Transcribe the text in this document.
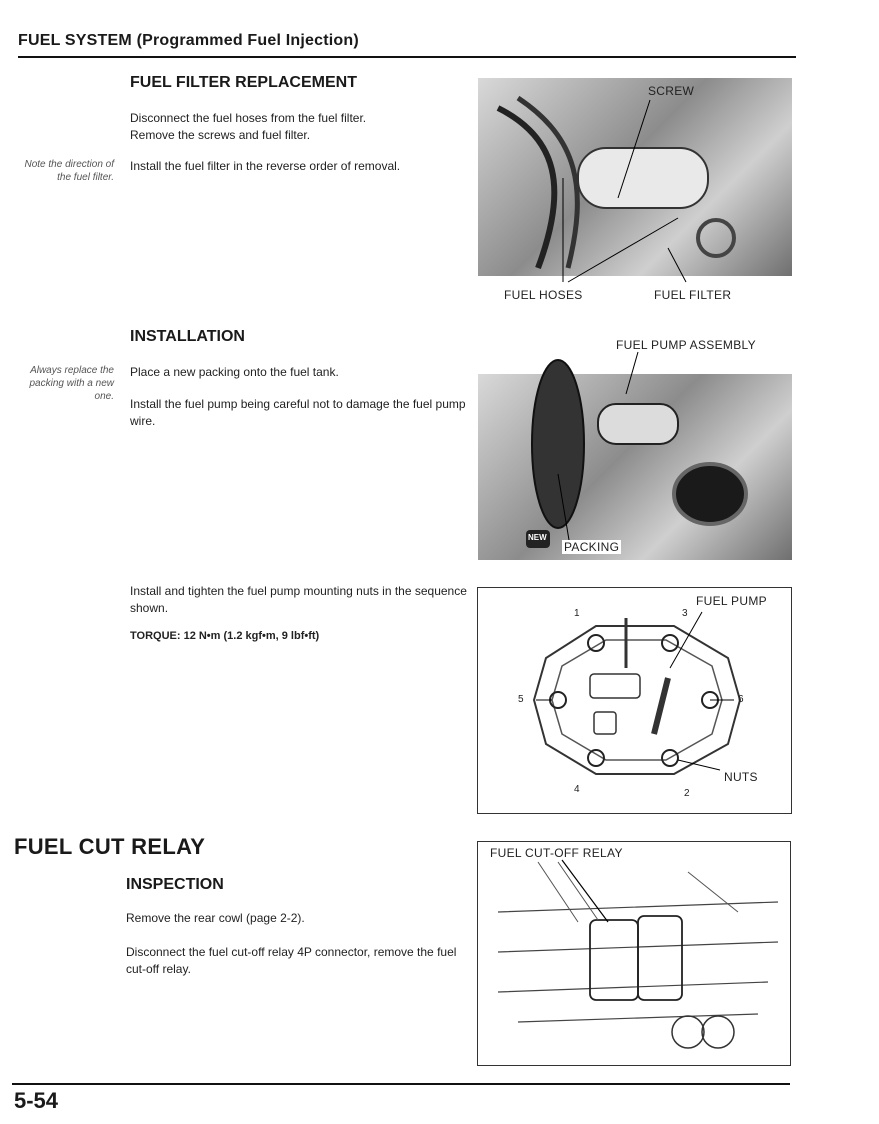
FUEL SYSTEM (Programmed Fuel Injection)
FUEL FILTER REPLACEMENT
Disconnect the fuel hoses from the fuel filter.
Remove the screws and fuel filter.
Install the fuel filter in the reverse order of removal.
Note the direction of the fuel filter.
SCREW
FUEL HOSES	FUEL FILTER
INSTALLATION
Place a new packing onto the fuel tank.
Install the fuel pump being careful not to damage the fuel pump wire.
Always replace the packing with a new one.
NEW
FUEL PUMP ASSEMBLY
PACKING
Install and tighten the fuel pump mounting nuts in the sequence shown.
TORQUE: 12 N•m (1.2 kgf•m, 9 lbf•ft)
FUEL PUMP
NUTS
1
2
3
4
5	6
FUEL CUT RELAY
INSPECTION
Remove the rear cowl (page 2-2).
Disconnect the fuel cut-off relay 4P connector, remove the fuel cut-off relay.
FUEL CUT-OFF RELAY
5-54
